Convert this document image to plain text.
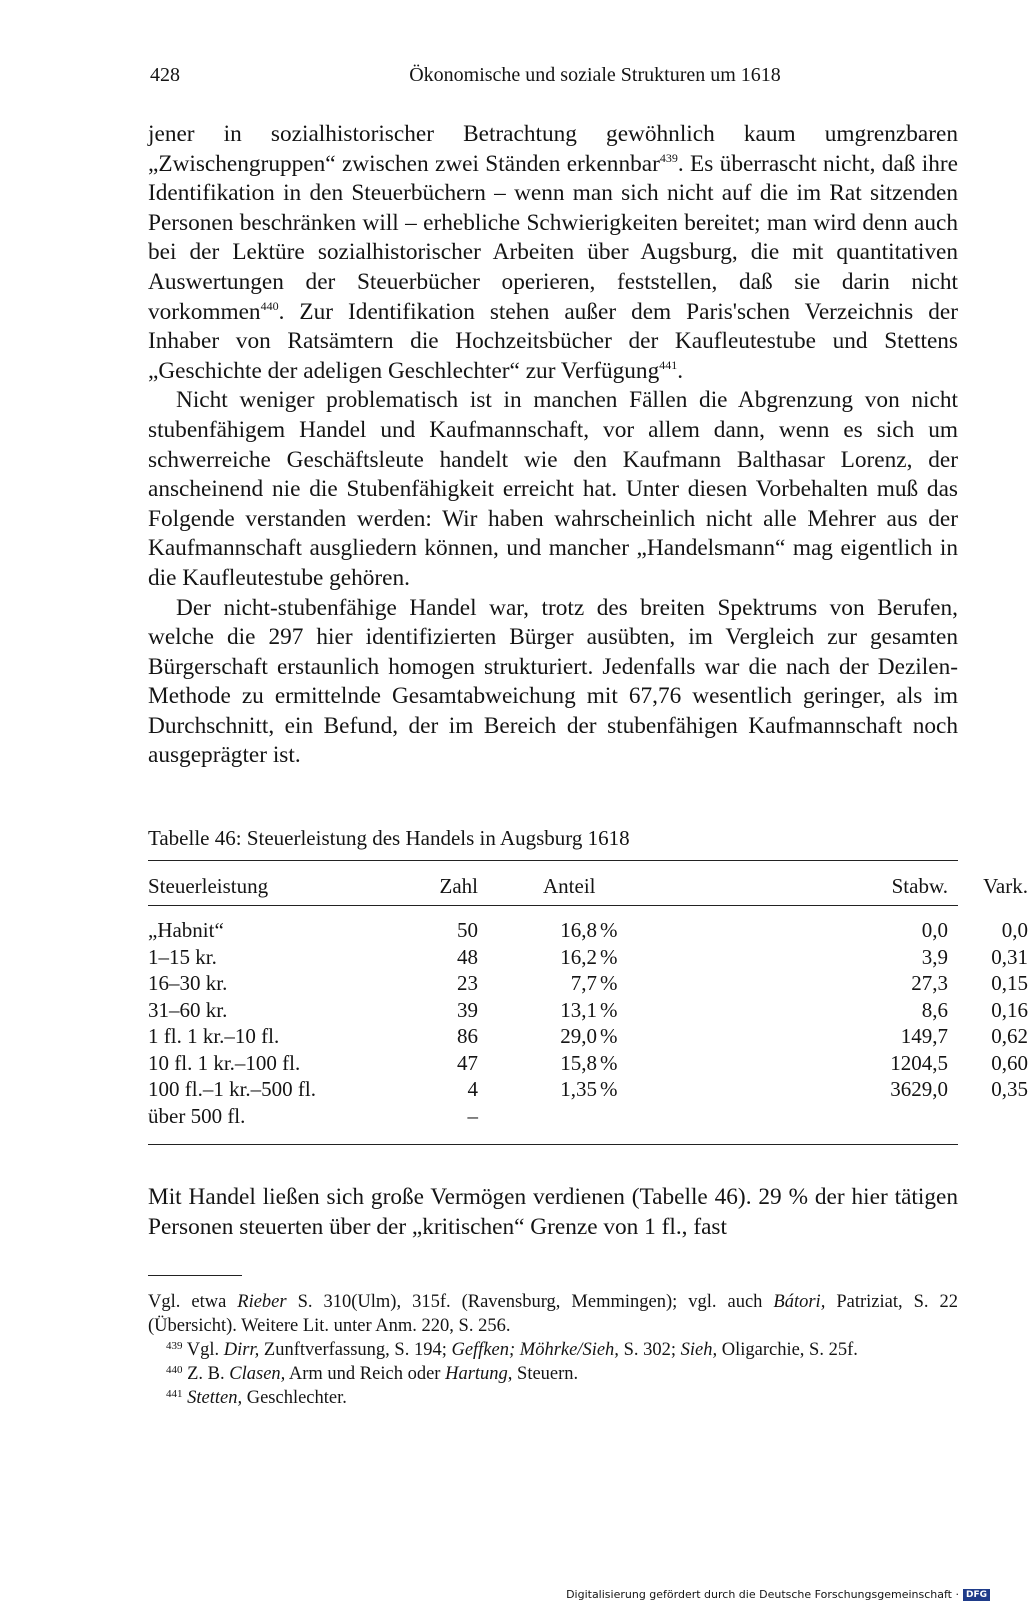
428	Ökonomische und soziale Strukturen um 1618

jener in sozialhistorischer Betrachtung gewöhnlich kaum umgrenzbaren „Zwischengruppen“ zwischen zwei Ständen erkennbar$^{439}$. Es überrascht nicht, daß ihre Identifikation in den Steuerbüchern – wenn man sich nicht auf die im Rat sitzenden Personen beschränken will – erhebliche Schwierigkeiten bereitet; man wird denn auch bei der Lektüre sozialhistorischer Arbeiten über Augsburg, die mit quantitativen Auswertungen der Steuerbücher operieren, feststellen, daß sie darin nicht vorkommen$^{440}$. Zur Identifikation stehen außer dem Paris'schen Verzeichnis der Inhaber von Ratsämtern die Hochzeitsbücher der Kaufleutestube und Stettens „Geschichte der adeligen Geschlechter“ zur Verfügung$^{441}$.

Nicht weniger problematisch ist in manchen Fällen die Abgrenzung von nicht stubenfähigem Handel und Kaufmannschaft, vor allem dann, wenn es sich um schwerreiche Geschäftsleute handelt wie den Kaufmann Balthasar Lorenz, der anscheinend nie die Stubenfähigkeit erreicht hat. Unter diesen Vorbehalten muß das Folgende verstanden werden: Wir haben wahrscheinlich nicht alle Mehrer aus der Kaufmannschaft ausgliedern können, und mancher „Handelsmann“ mag eigentlich in die Kaufleutestube gehören.

Der nicht-stubenfähige Handel war, trotz des breiten Spektrums von Berufen, welche die 297 hier identifizierten Bürger ausübten, im Vergleich zur gesamten Bürgerschaft erstaunlich homogen strukturiert. Jedenfalls war die nach der Dezilen-Methode zu ermittelnde Gesamtabweichung mit 67,76 wesentlich geringer, als im Durchschnitt, ein Befund, der im Bereich der stubenfähigen Kaufmannschaft noch ausgeprägter ist.

Tabelle 46: Steuerleistung des Handels in Augsburg 1618
Steuerleistung	Zahl	Anteil	Stabw.	Vark.
„Habnit“	50	16,8 %	0,0	0,0
1–15 kr.	48	16,2 %	3,9	0,31
16–30 kr.	23	7,7 %	27,3	0,15
31–60 kr.	39	13,1 %	8,6	0,16
1 fl. 1 kr.–10 fl.	86	29,0 %	149,7	0,62
10 fl. 1 kr.–100 fl.	47	15,8 %	1204,5	0,60
100 fl.–1 kr.–500 fl.	4	1,35 %	3629,0	0,35
über 500 fl.	–
Mit Handel ließen sich große Vermögen verdienen (Tabelle 46). 29 % der hier tätigen Personen steuerten über der „kritischen“ Grenze von 1 fl., fast

Vgl. etwa Rieber S. 310(Ulm), 315f. (Ravensburg, Memmingen); vgl. auch Bátori, Patriziat, S. 22 (Übersicht). Weitere Lit. unter Anm. 220, S. 256.

$^{439}$ Vgl. Dirr, Zunftverfassung, S. 194; Geffken; Möhrke/Sieh, S. 302; Sieh, Oligarchie, S. 25f.

$^{440}$ Z. B. Clasen, Arm und Reich oder Hartung, Steuern.

$^{441}$ Stetten, Geschlechter.

Digitalisierung gefördert durch die Deutsche Forschungsgemeinschaft · DFG
